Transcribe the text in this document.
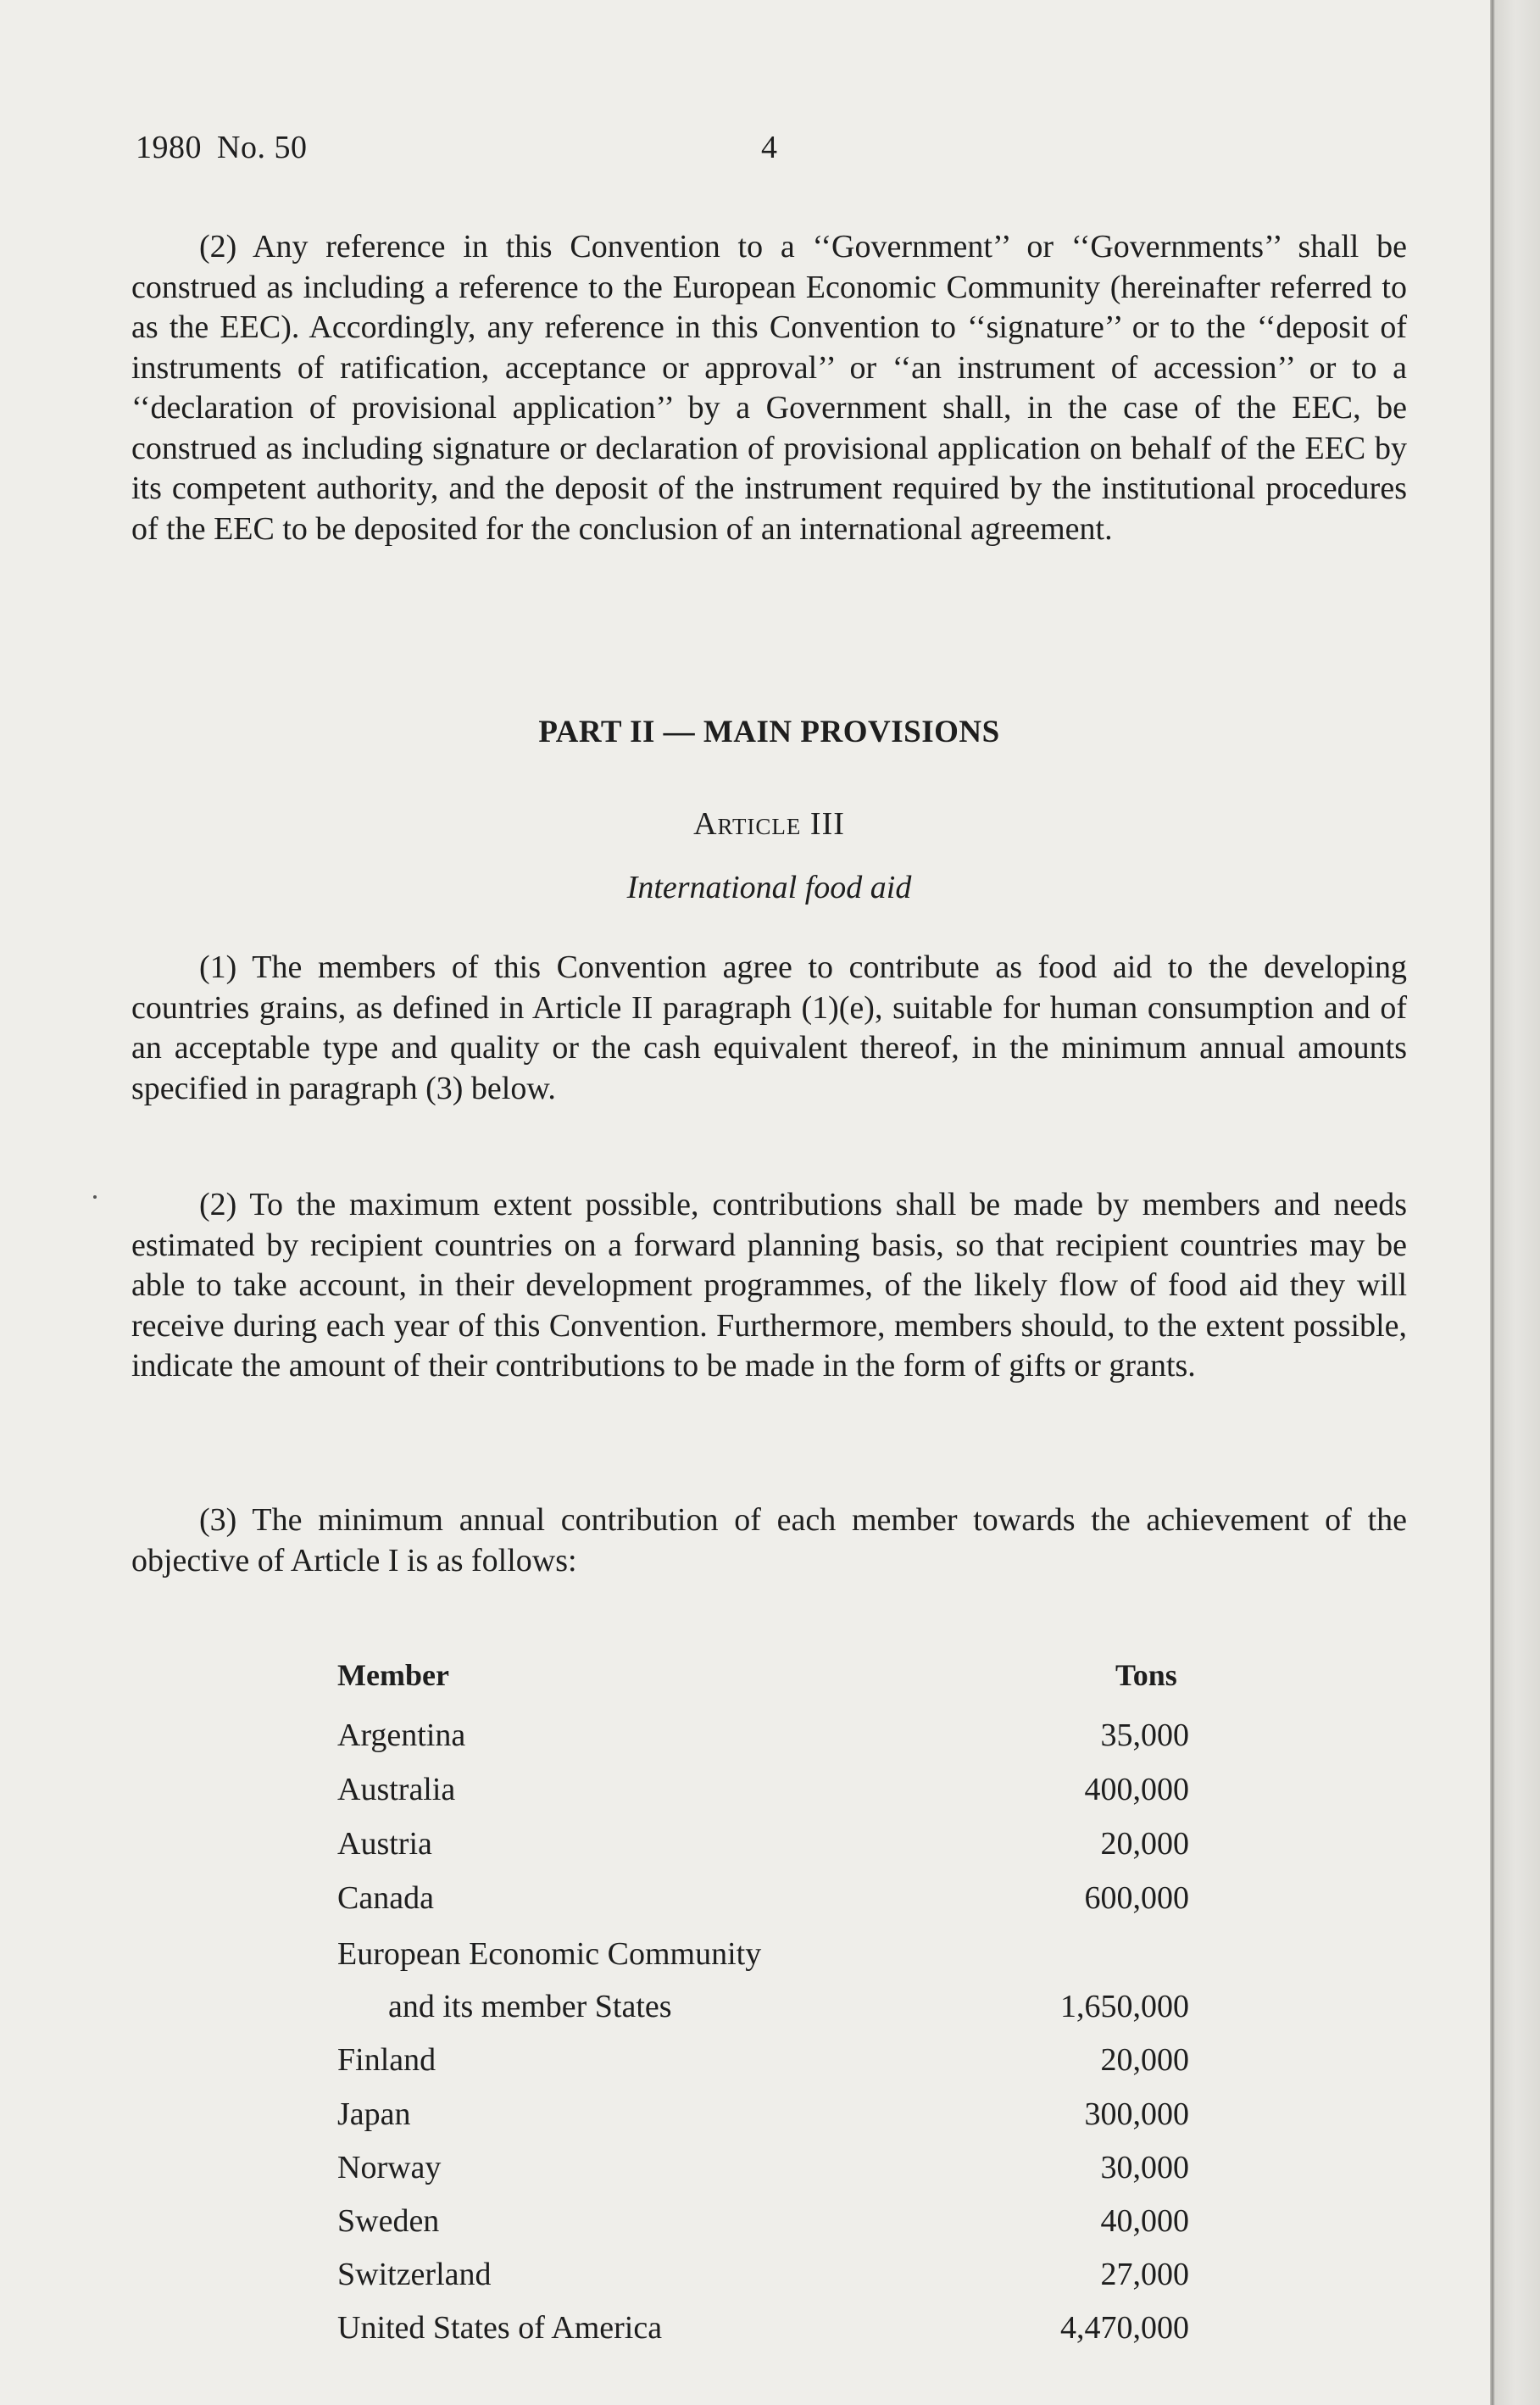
1980 No. 50	4

(2) Any reference in this Convention to a ‘‘Government’’ or ‘‘Governments’’ shall be construed as including a reference to the European Economic Community (hereinafter referred to as the EEC). Accordingly, any reference in this Convention to ‘‘signature’’ or to the ‘‘deposit of instruments of ratification, acceptance or approval’’ or ‘‘an instrument of accession’’ or to a ‘‘declaration of provisional application’’ by a Government shall, in the case of the EEC, be construed as including signature or declaration of provisional application on behalf of the EEC by its competent authority, and the deposit of the instrument required by the institutional procedures of the EEC to be deposited for the conclusion of an international agreement.

PART II — MAIN PROVISIONS
Article III
International food aid

(1) The members of this Convention agree to contribute as food aid to the developing countries grains, as defined in Article II paragraph (1)(e), suitable for human consumption and of an acceptable type and quality or the cash equivalent thereof, in the minimum annual amounts specified in paragraph (3) below.

(2) To the maximum extent possible, contributions shall be made by members and needs estimated by recipient countries on a forward planning basis, so that recipient countries may be able to take account, in their development programmes, of the likely flow of food aid they will receive during each year of this Convention. Furthermore, members should, to the extent possible, indicate the amount of their contributions to be made in the form of gifts or grants.

(3) The minimum annual contribution of each member towards the achievement of the objective of Article I is as follows:

Member	Tons
Argentina	35,000
Australia	400,000
Austria	20,000
Canada	600,000
European Economic Community
and its member States	1,650,000
Finland	20,000
Japan	300,000
Norway	30,000
Sweden	40,000
Switzerland	27,000
United States of America	4,470,000
